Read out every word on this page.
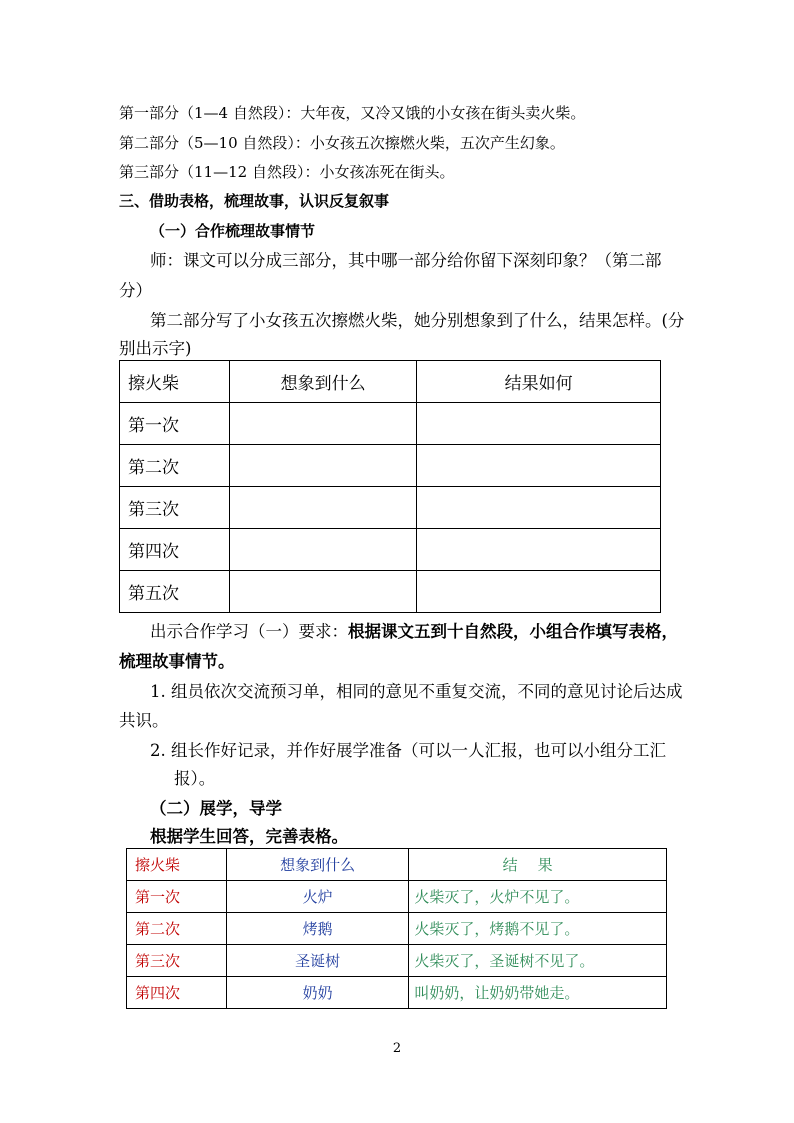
第一部分（1—4 自然段）：大年夜，又冷又饿的小女孩在街头卖火柴。
第二部分（5—10 自然段）：小女孩五次擦燃火柴，五次产生幻象。
第三部分（11—12 自然段）：小女孩冻死在街头。
三、借助表格，梳理故事，认识反复叙事
（一）合作梳理故事情节
师：课文可以分成三部分，其中哪一部分给你留下深刻印象？（第二部
分）
第二部分写了小女孩五次擦燃火柴，她分别想象到了什么，结果怎样。(分
别出示字)
擦火柴	想象到什么	结果如何
第一次		
第二次		
第三次		
第四次		
第五次		
出示合作学习（一）要求：根据课文五到十自然段，小组合作填写表格，
梳理故事情节。
1. 组员依次交流预习单，相同的意见不重复交流，不同的意见讨论后达成
共识。
2. 组长作好记录，并作好展学准备（可以一人汇报，也可以小组分工汇
报）。
（二）展学，导学
根据学生回答，完善表格。
擦火柴	想象到什么	结果
第一次	火炉	火柴灭了，火炉不见了。
第二次	烤鹅	火柴灭了，烤鹅不见了。
第三次	圣诞树	火柴灭了，圣诞树不见了。
第四次	奶奶	叫奶奶，让奶奶带她走。
2
